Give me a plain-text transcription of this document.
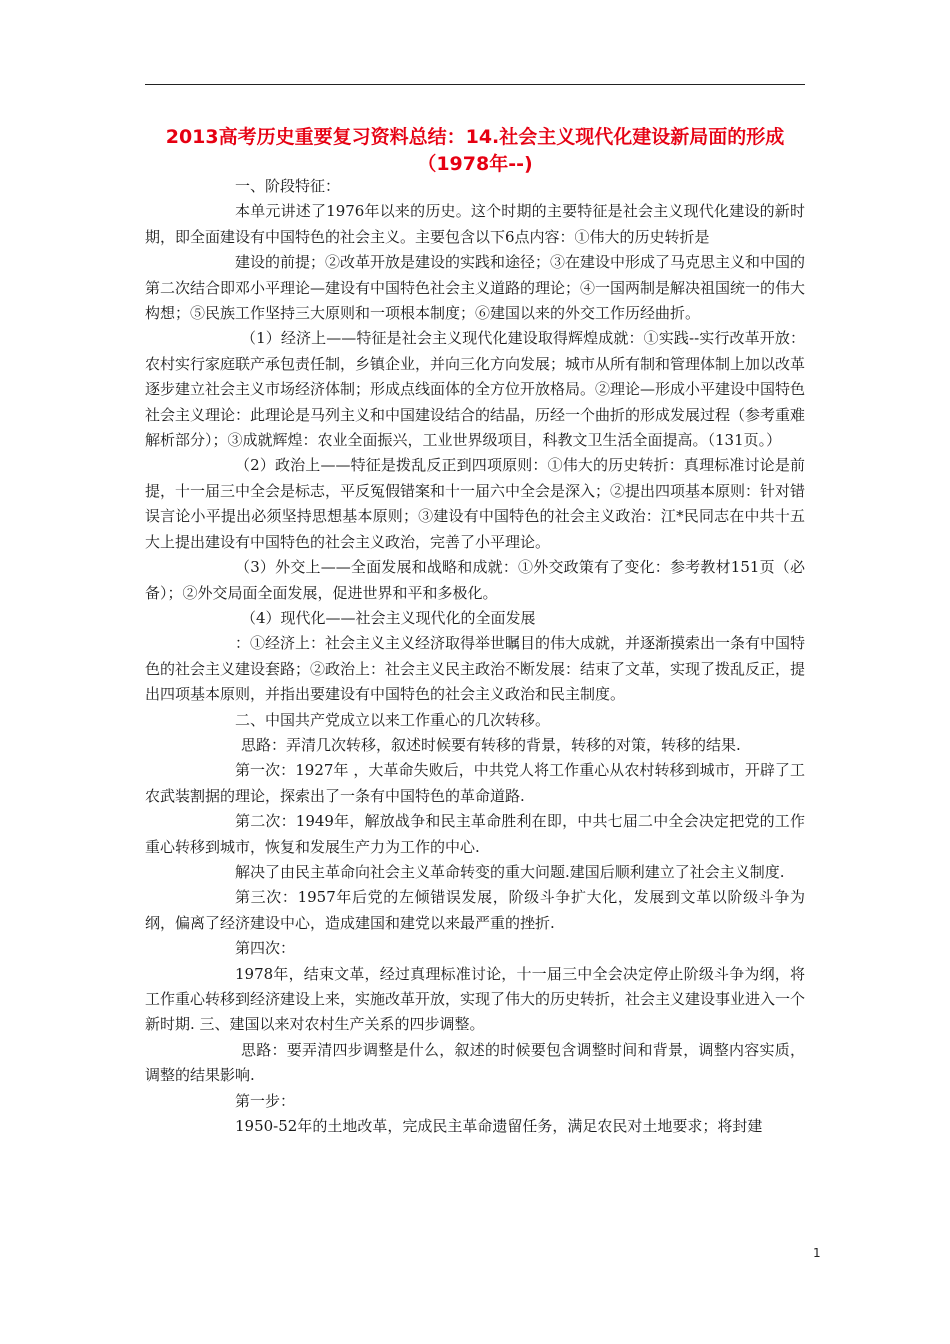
2013高考历史重要复习资料总结：14.社会主义现代化建设新局面的形成（1978年--)

一、阶段特征：

本单元讲述了1976年以来的历史。这个时期的主要特征是社会主义现代化建设的新时期，即全面建设有中国特色的社会主义。主要包含以下6点内容：①伟大的历史转折是

建设的前提；②改革开放是建设的实践和途径；③在建设中形成了马克思主义和中国的第二次结合即邓小平理论—建设有中国特色社会主义道路的理论；④一国两制是解决祖国统一的伟大构想；⑤民族工作坚持三大原则和一项根本制度；⑥建国以来的外交工作历经曲折。

（1）经济上——特征是社会主义现代化建设取得辉煌成就：①实践--实行改革开放：农村实行家庭联产承包责任制，乡镇企业，并向三化方向发展；城市从所有制和管理体制上加以改革逐步建立社会主义市场经济体制；形成点线面体的全方位开放格局。②理论—形成小平建设中国特色社会主义理论：此理论是马列主义和中国建设结合的结晶，历经一个曲折的形成发展过程（参考重难解析部分）；③成就辉煌：农业全面振兴，工业世界级项目，科教文卫生活全面提高。（131页。）

（2）政治上——特征是拨乱反正到四项原则：①伟大的历史转折：真理标准讨论是前提，十一届三中全会是标志，平反冤假错案和十一届六中全会是深入；②提出四项基本原则：针对错误言论小平提出必须坚持思想基本原则；③建设有中国特色的社会主义政治：江*民同志在中共十五大上提出建设有中国特色的社会主义政治，完善了小平理论。

（3）外交上——全面发展和战略和成就：①外交政策有了变化：参考教材151页（必备）；②外交局面全面发展，促进世界和平和多极化。

（4）现代化——社会主义现代化的全面发展

：①经济上：社会主义主义经济取得举世瞩目的伟大成就，并逐渐摸索出一条有中国特色的社会主义建设套路；②政治上：社会主义民主政治不断发展：结束了文革，实现了拨乱反正，提出四项基本原则，并指出要建设有中国特色的社会主义政治和民主制度。

二、中国共产党成立以来工作重心的几次转移。

思路：弄清几次转移，叙述时候要有转移的背景，转移的对策，转移的结果.

第一次：1927年 ，大革命失败后，中共党人将工作重心从农村转移到城市，开辟了工农武装割据的理论，探索出了一条有中国特色的革命道路.

第二次：1949年，解放战争和民主革命胜利在即，中共七届二中全会决定把党的工作重心转移到城市，恢复和发展生产力为工作的中心.

解决了由民主革命向社会主义革命转变的重大问题.建国后顺利建立了社会主义制度.

第三次：1957年后党的左倾错误发展，阶级斗争扩大化，发展到文革以阶级斗争为纲，偏离了经济建设中心，造成建国和建党以来最严重的挫折.

第四次：

1978年，结束文革，经过真理标准讨论，十一届三中全会决定停止阶级斗争为纲，将工作重心转移到经济建设上来，实施改革开放，实现了伟大的历史转折，社会主义建设事业进入一个新时期. 三、建国以来对农村生产关系的四步调整。

思路：要弄清四步调整是什么，叙述的时候要包含调整时间和背景，调整内容实质，调整的结果影响.

第一步：

1950-52年的土地改革，完成民主革命遗留任务，满足农民对土地要求；将封建

1
